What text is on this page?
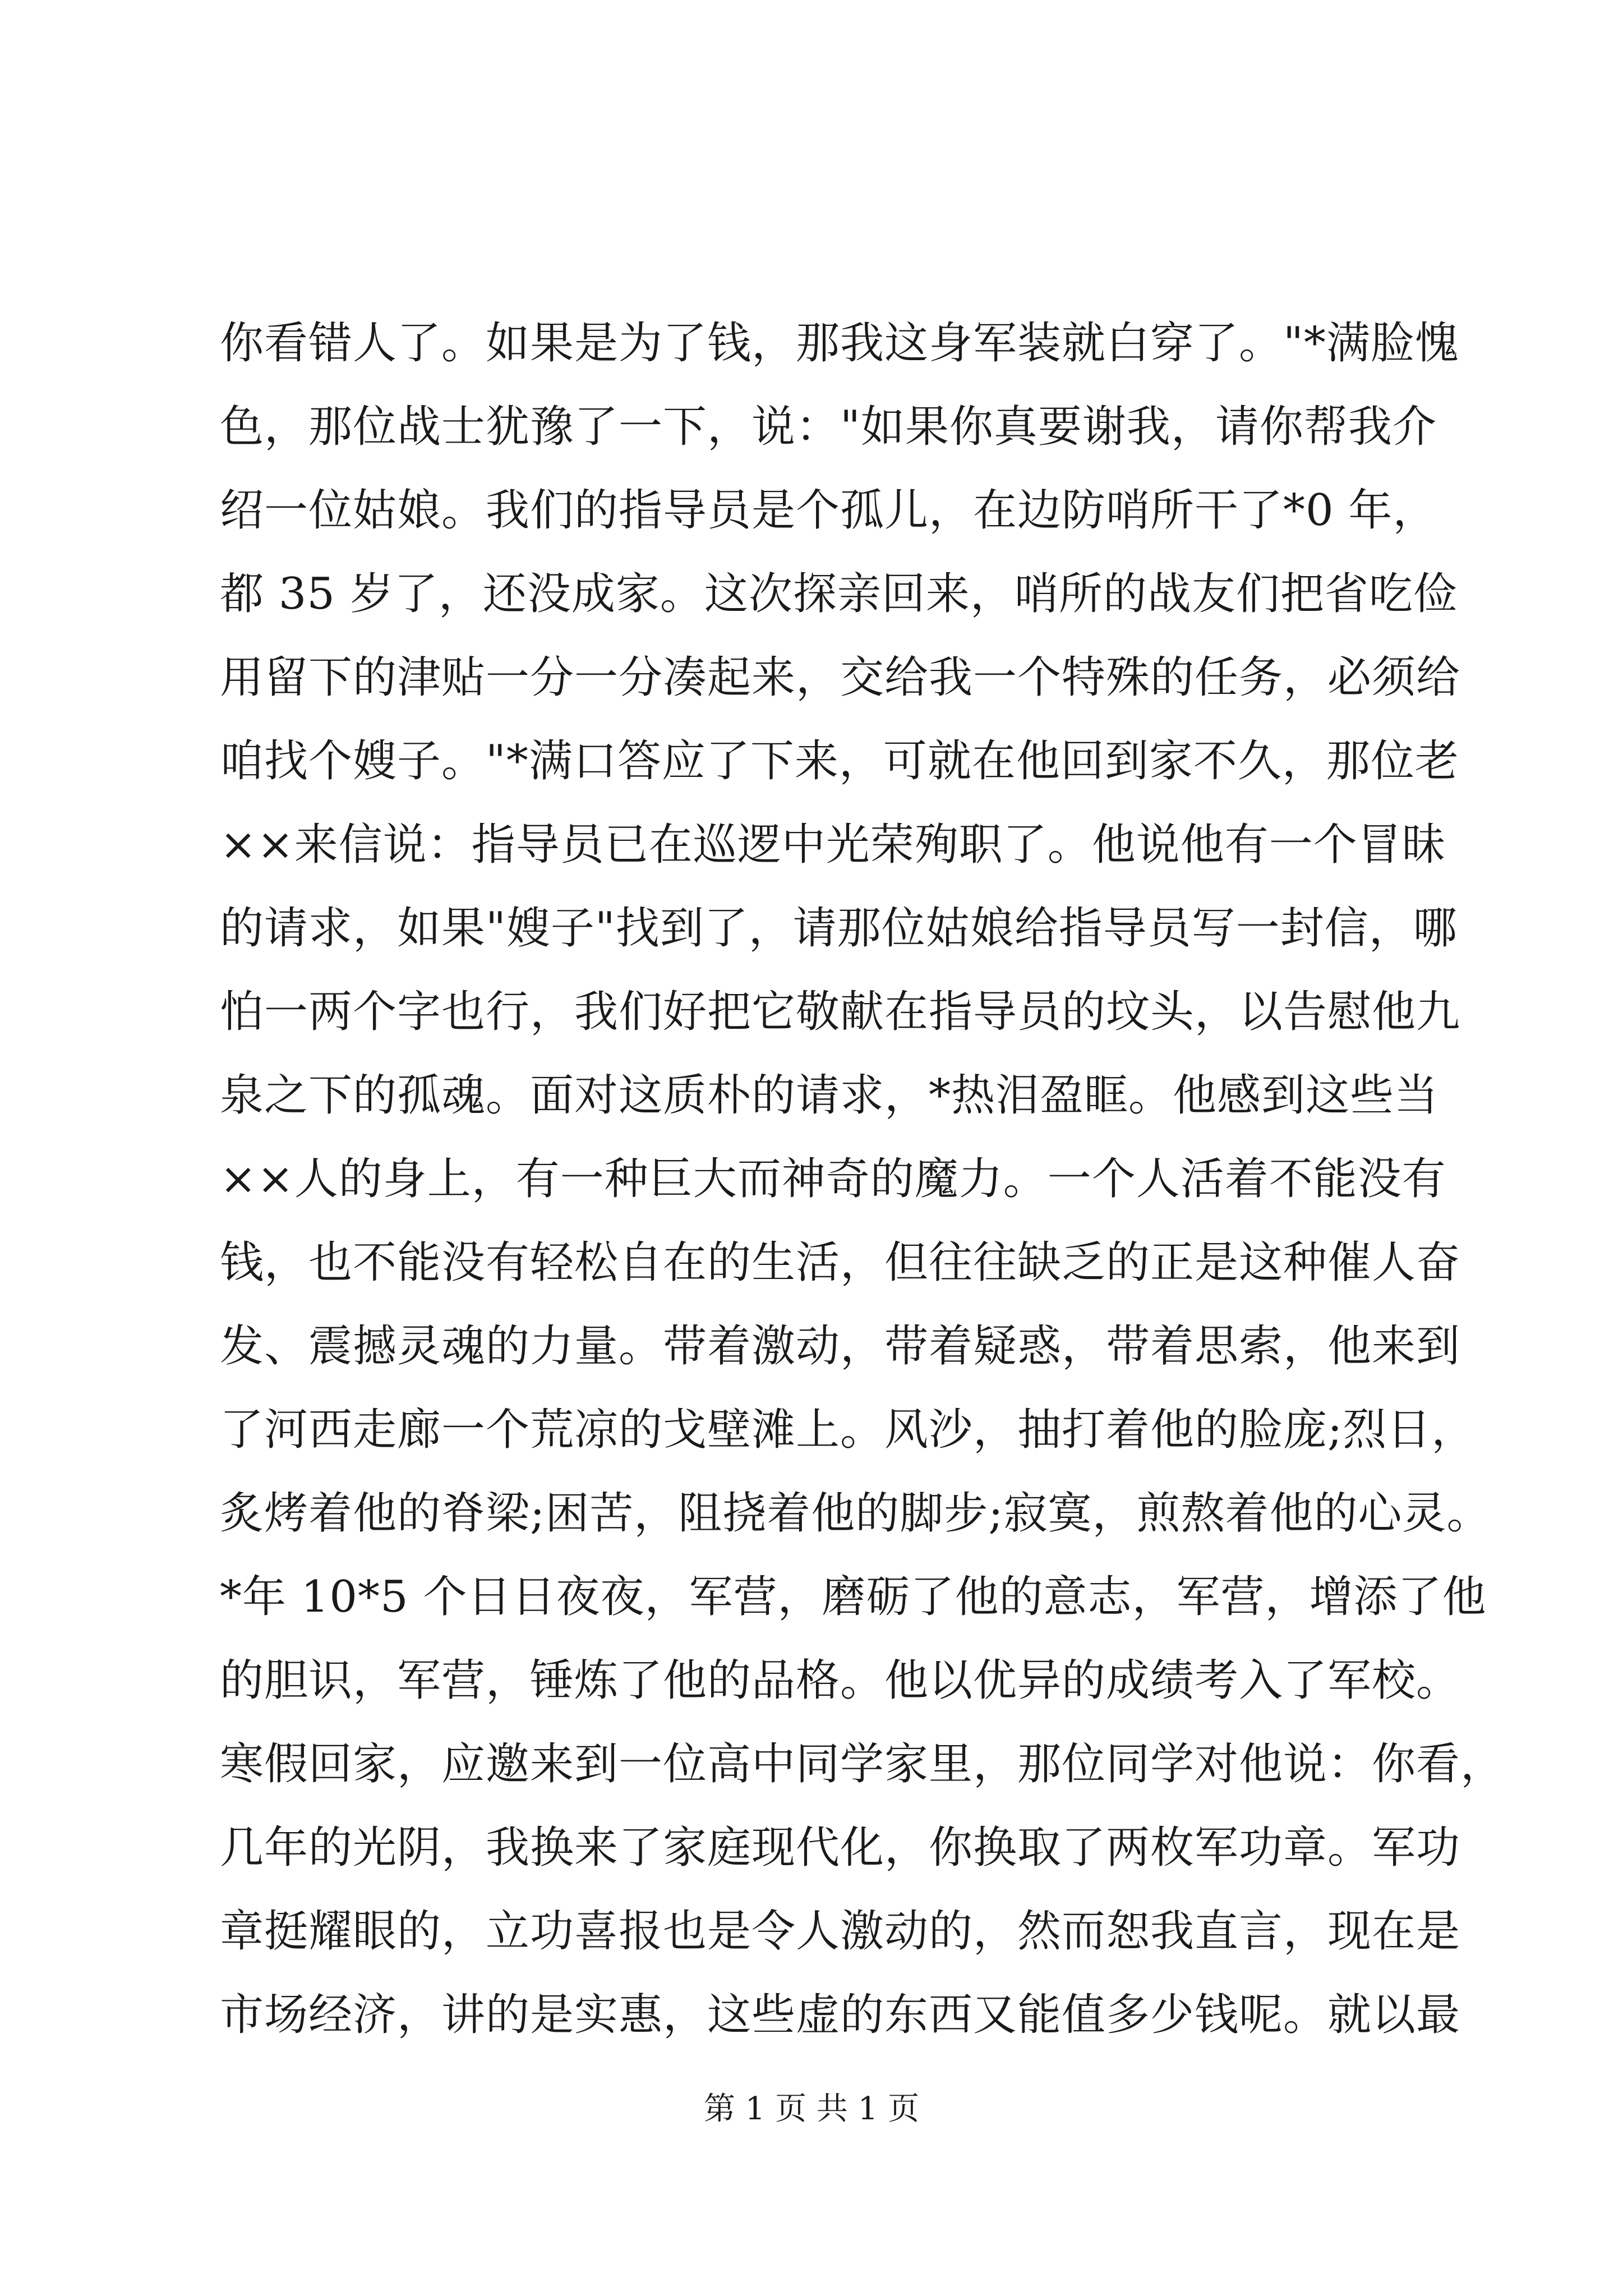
你看错人了。如果是为了钱，那我这身军装就白穿了。"*满脸愧
色，那位战士犹豫了一下，说："如果你真要谢我，请你帮我介
绍一位姑娘。我们的指导员是个孤儿，在边防哨所干了*0 年，
都 35 岁了，还没成家。这次探亲回来，哨所的战友们把省吃俭
用留下的津贴一分一分凑起来，交给我一个特殊的任务，必须给
咱找个嫂子。"*满口答应了下来，可就在他回到家不久，那位老
××来信说：指导员已在巡逻中光荣殉职了。他说他有一个冒昧
的请求，如果"嫂子"找到了，请那位姑娘给指导员写一封信，哪
怕一两个字也行，我们好把它敬献在指导员的坟头，以告慰他九
泉之下的孤魂。面对这质朴的请求，*热泪盈眶。他感到这些当
××人的身上，有一种巨大而神奇的魔力。一个人活着不能没有
钱，也不能没有轻松自在的生活，但往往缺乏的正是这种催人奋
发、震撼灵魂的力量。带着激动，带着疑惑，带着思索，他来到
了河西走廊一个荒凉的戈壁滩上。风沙，抽打着他的脸庞;烈日，
炙烤着他的脊梁;困苦，阻挠着他的脚步;寂寞，煎熬着他的心灵。
*年 10*5 个日日夜夜，军营，磨砺了他的意志，军营，增添了他
的胆识，军营，锤炼了他的品格。他以优异的成绩考入了军校。
寒假回家，应邀来到一位高中同学家里，那位同学对他说：你看，
几年的光阴，我换来了家庭现代化，你换取了两枚军功章。军功
章挺耀眼的，立功喜报也是令人激动的，然而恕我直言，现在是
市场经济，讲的是实惠，这些虚的东西又能值多少钱呢。就以最
第 1 页 共 1 页
